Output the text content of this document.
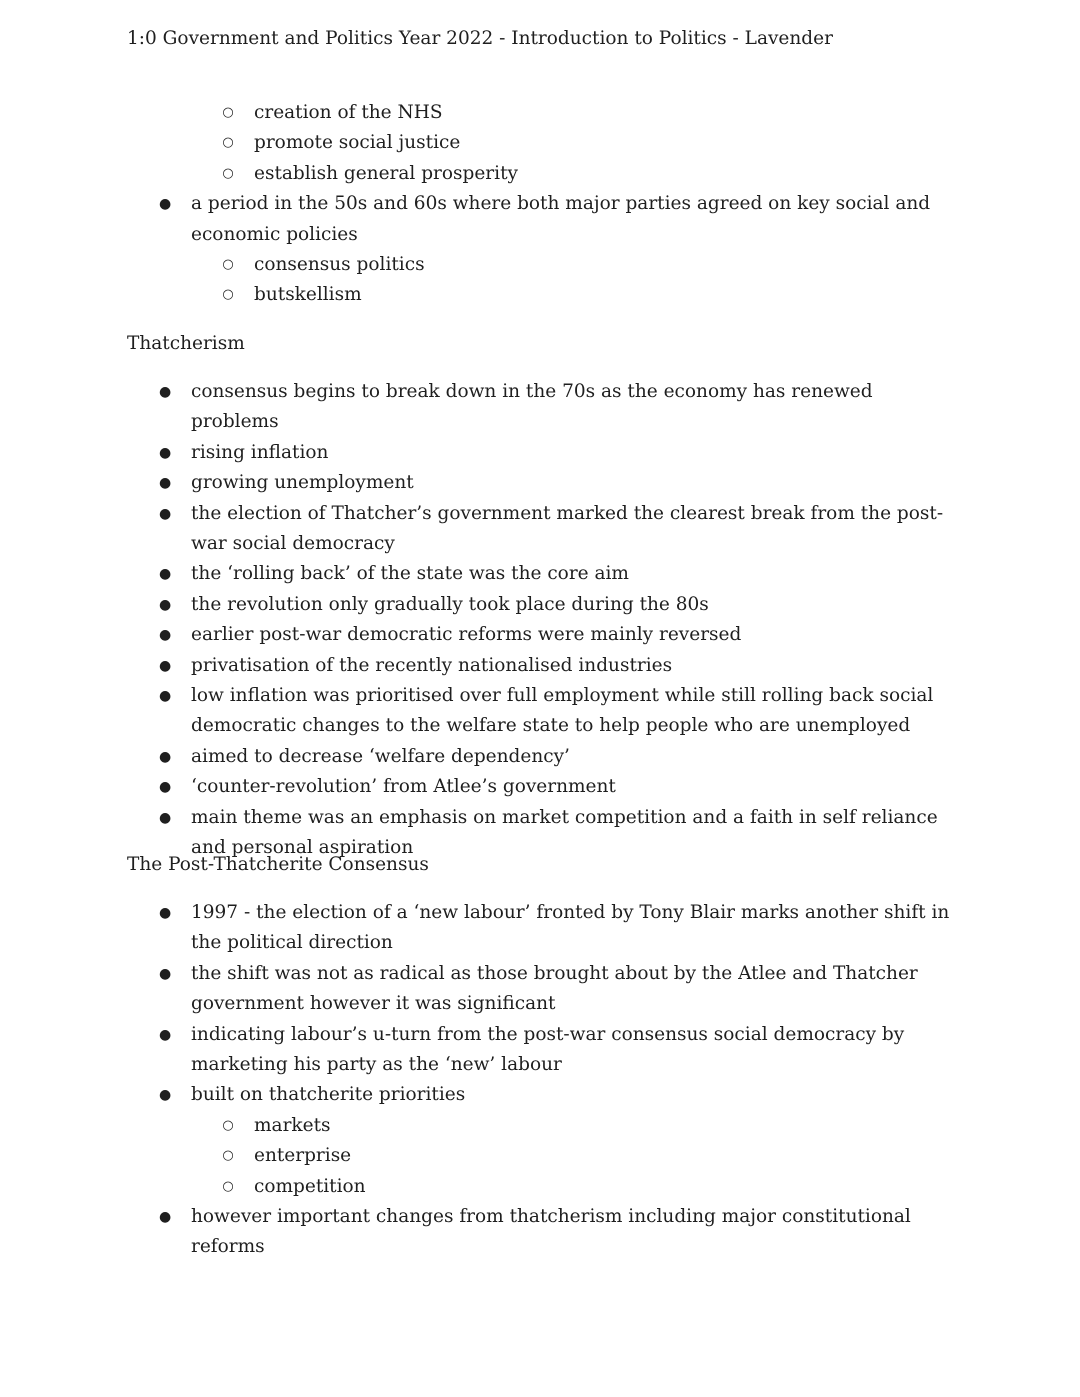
1:0 Government and Politics Year 2022 - Introduction to Politics - Lavender
○ creation of the NHS
○ promote social justice
○ establish general prosperity
● a period in the 50s and 60s where both major parties agreed on key social and economic policies
○ consensus politics
○ butskellism
Thatcherism
● consensus begins to break down in the 70s as the economy has renewed problems
● rising inflation
● growing unemployment
● the election of Thatcher’s government marked the clearest break from the post-war social democracy
● the ‘rolling back’ of the state was the core aim
● the revolution only gradually took place during the 80s
● earlier post-war democratic reforms were mainly reversed
● privatisation of the recently nationalised industries
● low inflation was prioritised over full employment while still rolling back social democratic changes to the welfare state to help people who are unemployed
● aimed to decrease ‘welfare dependency’
● ‘counter-revolution’ from Atlee’s government
● main theme was an emphasis on market competition and a faith in self reliance and personal aspiration
The Post-Thatcherite Consensus
● 1997 - the election of a ‘new labour’ fronted by Tony Blair marks another shift in the political direction
● the shift was not as radical as those brought about by the Atlee and Thatcher government however it was significant
● indicating labour’s u-turn from the post-war consensus social democracy by marketing his party as the ‘new’ labour
● built on thatcherite priorities
○ markets
○ enterprise
○ competition
● however important changes from thatcherism including major constitutional reforms
